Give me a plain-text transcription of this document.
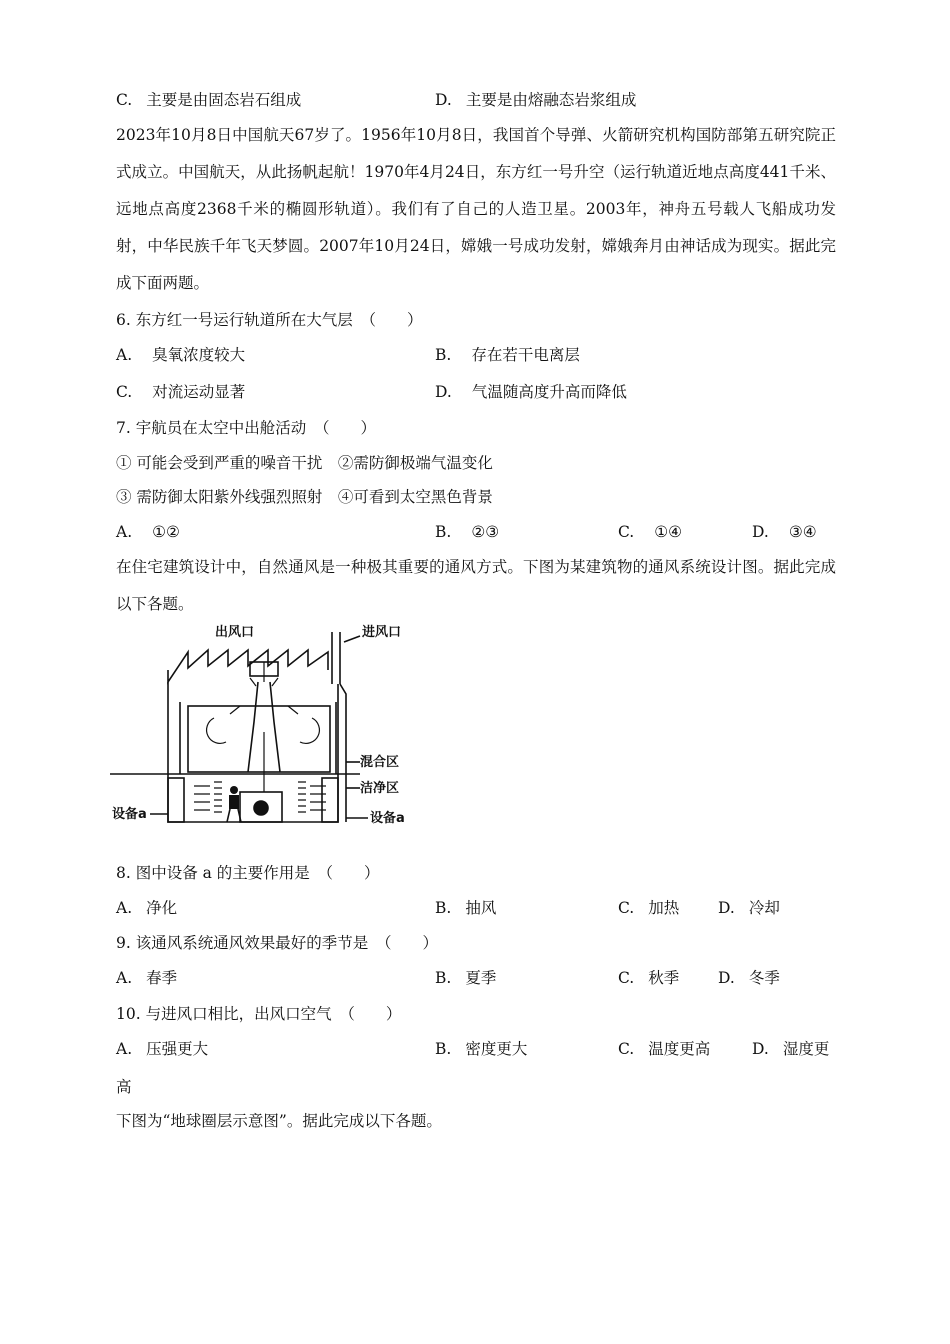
C. 主要是由固态岩石组成	D. 主要是由熔融态岩浆组成
2023年10月8日中国航天67岁了。1956年10月8日，我国首个导弹、火箭研究机构国防部第五研究院正式成立。中国航天，从此扬帆起航！1970年4月24日，东方红一号升空（运行轨道近地点高度441千米、远地点高度2368千米的椭圆形轨道）。我们有了自己的人造卫星。2003年，神舟五号载人飞船成功发射，中华民族千年飞天梦圆。2007年10月24日，嫦娥一号成功发射，嫦娥奔月由神话成为现实。据此完成下面两题。
6. 东方红一号运行轨道所在大气层　（　　）
A. 臭氧浓度较大	B. 存在若干电离层
C. 对流运动显著	D. 气温随高度升高而降低
7. 宇航员在太空中出舱活动　（　　）
① 可能会受到严重的噪音干扰　②需防御极端气温变化
③ 需防御太阳紫外线强烈照射　④可看到太空黑色背景
A. ①②	B. ②③	C. ①④	D. ③④
在住宅建筑设计中，自然通风是一种极其重要的通风方式。下图为某建筑物的通风系统设计图。据此完成以下各题。
出风口	进风口
混合区
洁净区
设备a	设备a
8. 图中设备 a 的主要作用是　（　　）
A. 净化	B. 抽风	C. 加热	D. 冷却
9. 该通风系统通风效果最好的季节是　（　　）
A. 春季	B. 夏季	C. 秋季	D. 冬季
10. 与进风口相比，出风口空气　（　　）
A. 压强更大	B. 密度更大	C. 温度更高	D. 湿度更
高
下图为“地球圈层示意图”。据此完成以下各题。
